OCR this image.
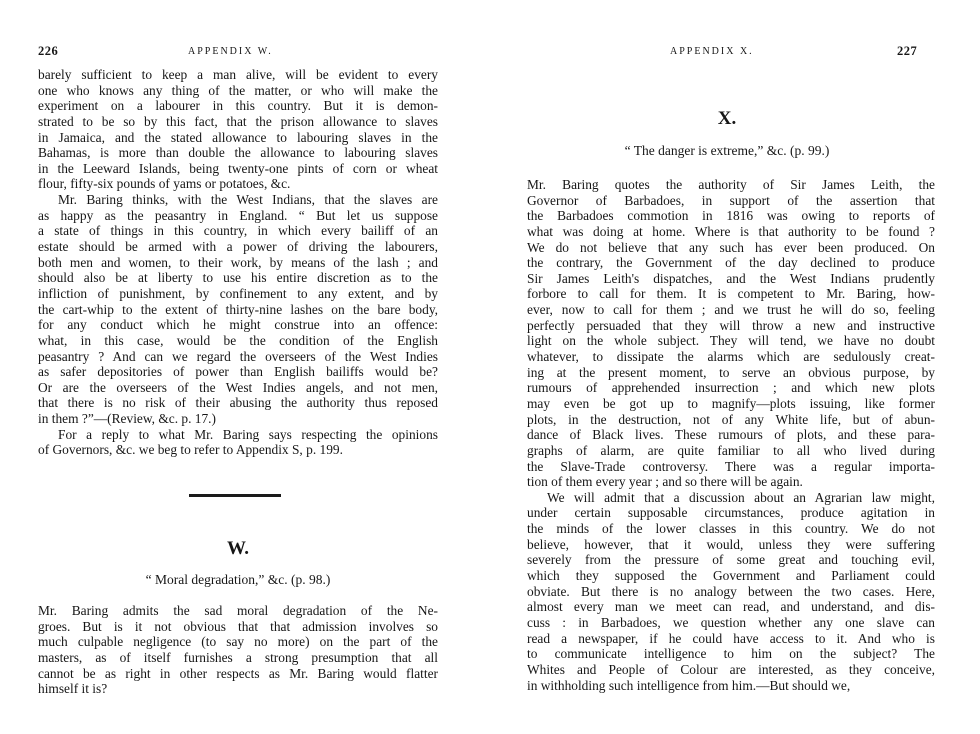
226	APPENDIX W.
barely sufficient to keep a man alive, will be evident to every
one who knows any thing of the matter, or who will make the
experiment on a labourer in this country. But it is demon-
strated to be so by this fact, that the prison allowance to slaves
in Jamaica, and the stated allowance to labouring slaves in the
Bahamas, is more than double the allowance to labouring slaves
in the Leeward Islands, being twenty-one pints of corn or wheat
flour, fifty-six pounds of yams or potatoes, &c.
Mr. Baring thinks, with the West Indians, that the slaves are
as happy as the peasantry in England. “ But let us suppose
a state of things in this country, in which every bailiff of an
estate should be armed with a power of driving the labourers,
both men and women, to their work, by means of the lash ; and
should also be at liberty to use his entire discretion as to the
infliction of punishment, by confinement to any extent, and by
the cart-whip to the extent of thirty-nine lashes on the bare body,
for any conduct which he might construe into an offence:
what, in this case, would be the condition of the English
peasantry ? And can we regard the overseers of the West Indies
as safer depositories of power than English bailiffs would be?
Or are the overseers of the West Indies angels, and not men,
that there is no risk of their abusing the authority thus reposed
in them ?”—(Review, &c. p. 17.)
For a reply to what Mr. Baring says respecting the opinions
of Governors, &c. we beg to refer to Appendix S, p. 199.
W.
“ Moral degradation,” &c. (p. 98.)
Mr. Baring admits the sad moral degradation of the Ne-
groes. But is it not obvious that that admission involves so
much culpable negligence (to say no more) on the part of the
masters, as of itself furnishes a strong presumption that all
cannot be as right in other respects as Mr. Baring would flatter
himself it is?
APPENDIX X.	227
X.
“ The danger is extreme,” &c. (p. 99.)
Mr. Baring quotes the authority of Sir James Leith, the
Governor of Barbadoes, in support of the assertion that
the Barbadoes commotion in 1816 was owing to reports of
what was doing at home. Where is that authority to be found ?
We do not believe that any such has ever been produced. On
the contrary, the Government of the day declined to produce
Sir James Leith's dispatches, and the West Indians prudently
forbore to call for them. It is competent to Mr. Baring, how-
ever, now to call for them ; and we trust he will do so, feeling
perfectly persuaded that they will throw a new and instructive
light on the whole subject. They will tend, we have no doubt
whatever, to dissipate the alarms which are sedulously creat-
ing at the present moment, to serve an obvious purpose, by
rumours of apprehended insurrection ; and which new plots
may even be got up to magnify—plots issuing, like former
plots, in the destruction, not of any White life, but of abun-
dance of Black lives. These rumours of plots, and these para-
graphs of alarm, are quite familiar to all who lived during
the Slave-Trade controversy. There was a regular importa-
tion of them every year ; and so there will be again.
We will admit that a discussion about an Agrarian law might,
under certain supposable circumstances, produce agitation in
the minds of the lower classes in this country. We do not
believe, however, that it would, unless they were suffering
severely from the pressure of some great and touching evil,
which they supposed the Government and Parliament could
obviate. But there is no analogy between the two cases. Here,
almost every man we meet can read, and understand, and dis-
cuss : in Barbadoes, we question whether any one slave can
read a newspaper, if he could have access to it. And who is
to communicate intelligence to him on the subject? The
Whites and People of Colour are interested, as they conceive,
in withholding such intelligence from him.—But should we,
